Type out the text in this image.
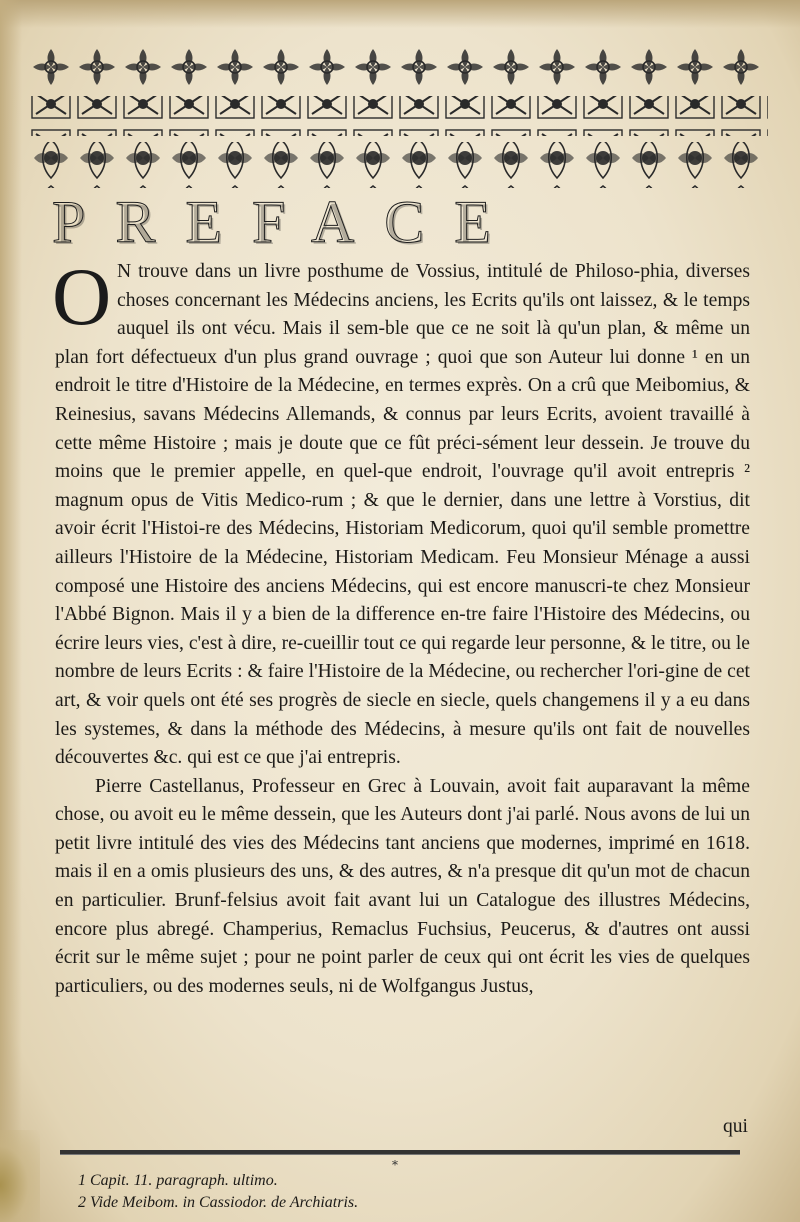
PREFACE
O N trouve dans un livre posthume de Vossius, intitulé de Philoso-phia, diverses choses concernant les Médecins anciens, les Ecrits qu'ils ont laissez, & le temps auquel ils ont vécu. Mais il sem-ble que ce ne soit là qu'un plan, & même un plan fort défectueux d'un plus grand ouvrage ; quoi que son Auteur lui donne ¹ en un endroit le titre d'Histoire de la Médecine, en termes exprès. On a crû que Meibomius, & Reinesius, savans Médecins Allemands, & connus par leurs Ecrits, avoient travaillé à cette même Histoire ; mais je doute que ce fût préci-sément leur dessein. Je trouve du moins que le premier appelle, en quel-que endroit, l'ouvrage qu'il avoit entrepris ² magnum opus de Vitis Medico-rum ; & que le dernier, dans une lettre à Vorstius, dit avoir écrit l'Histoi-re des Médecins, Historiam Medicorum, quoi qu'il semble promettre ailleurs l'Histoire de la Médecine, Historiam Medicam. Feu Monsieur Ménage a aussi composé une Histoire des anciens Médecins, qui est encore manuscri-te chez Monsieur l'Abbé Bignon. Mais il y a bien de la difference en-tre faire l'Histoire des Médecins, ou écrire leurs vies, c'est à dire, re-cueillir tout ce qui regarde leur personne, & le titre, ou le nombre de leurs Ecrits : & faire l'Histoire de la Médecine, ou rechercher l'ori-gine de cet art, & voir quels ont été ses progrès de siecle en siecle, quels changemens il y a eu dans les systemes, & dans la méthode des Médecins, à mesure qu'ils ont fait de nouvelles découvertes &c. qui est ce que j'ai entrepris.

Pierre Castellanus, Professeur en Grec à Louvain, avoit fait auparavant la même chose, ou avoit eu le même dessein, que les Auteurs dont j'ai parlé. Nous avons de lui un petit livre intitulé des vies des Médecins tant anciens que modernes, imprimé en 1618. mais il en a omis plusieurs des uns, & des autres, & n'a presque dit qu'un mot de chacun en particulier. Brunf-felsius avoit fait avant lui un Catalogue des illustres Médecins, encore plus abregé. Champerius, Remaclus Fuchsius, Peucerus, & d'autres ont aussi écrit sur le même sujet ; pour ne point parler de ceux qui ont écrit les vies de quelques particuliers, ou des modernes seuls, ni de Wolfgangus Justus,

qui
*
1 Capit. 11. paragraph. ultimo.
2 Vide Meibom. in Cassiodor. de Archiatris.
